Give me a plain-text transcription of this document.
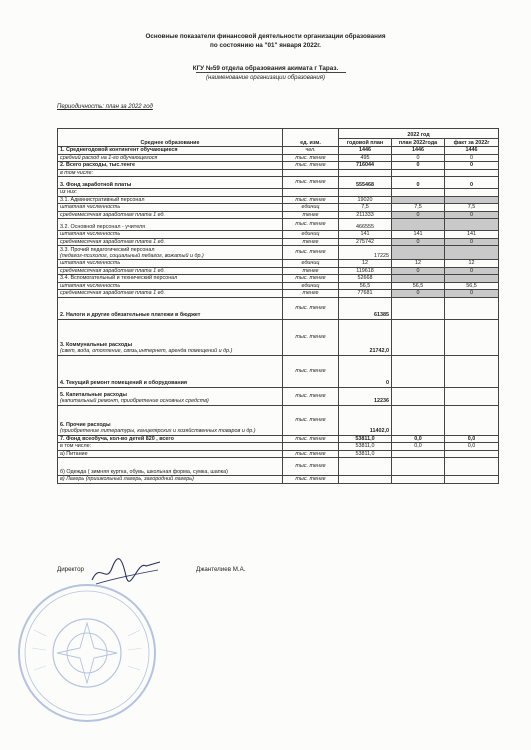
Основные показатели финансовой деятельности организации образования
по состоянию на "01" января 2022г.
КГУ №59 отдела образования акимата г Тараз.
(наименование организации образования)
Периодичность: план за 2022 год
Среднее образование	ед. изм.	2022 год		
		годовой план	план 2022года	факт за 2022г

1. Среднегодовой контингент обучающиеся	чел.	1446	1446	1446

средний расход на 1-го обучающегося	тыс. тенге	495	0	0

2. Всего расходы, тыс.тенге	тыс. тенге	716044	0	0

в том числе:				

3. Фонд заработной платы	тыс. тенге	555468	0	0

из них:				

3.1. Административный персонал	тыс. тенге	19020		

штатная численность	единиц	7,5	7,5	7,5

среднемесячная заработная плата 1 ед.	тенге	211333	0	0

3.2. Основной персонал - учителя	тыс. тенге	466555		

штатная численность	единиц	141	141	141

среднемесячная заработная плата 1 ед.	тенге	275742	0	0

3.3. Прочий педагогический персонал
(педагог-психолог, социальный педагог, вожатый и др.)	тыс. тенге	17225		

штатная численность	единиц	12	12	12

среднемесячная заработная плата 1 ед.	тенге	119618	0	0

3.4. Вспомогательный и технический персонал	тыс. тенге	52668		

штатная численность	единиц	56,5	56,5	56,5

среднемесячная заработная плата 1 ед.	тенге	77681	0	0

2. Налоги и другие обязательные платежи в бюджет	тыс. тенге	61385		

3. Коммунальные расходы
(свет, вода, отопление, связь,интернет, аренда помещений и др.)	тыс. тенге	21742,0		

4. Текущий ремонт помещений и оборудования	тыс. тенге	0		

5. Капитальные расходы
(капитальный ремонт, приобретение основных средств)	тыс. тенге	12236		

6. Прочие расходы
(приобретение литературы, канцелярских и хозяйственных товаров и др.)	тыс. тенге	11402,0		

7. Фонд всеобуча, кол-во детей 820 , всего	тыс. тенге	53811,0	0,0	0,0

в том числе:		53811,0	0,0	0,0

а) Питание	тыс. тенге	53811,0		

б) Одежда ( зимняя куртка, обувь, школьная форма, сумка, шапка)	тыс. тенге			

в) Лагерь (пришкольный лагерь, загородний лагерь)	тыс. тенге			
Директор	Джантелиев М.А.
